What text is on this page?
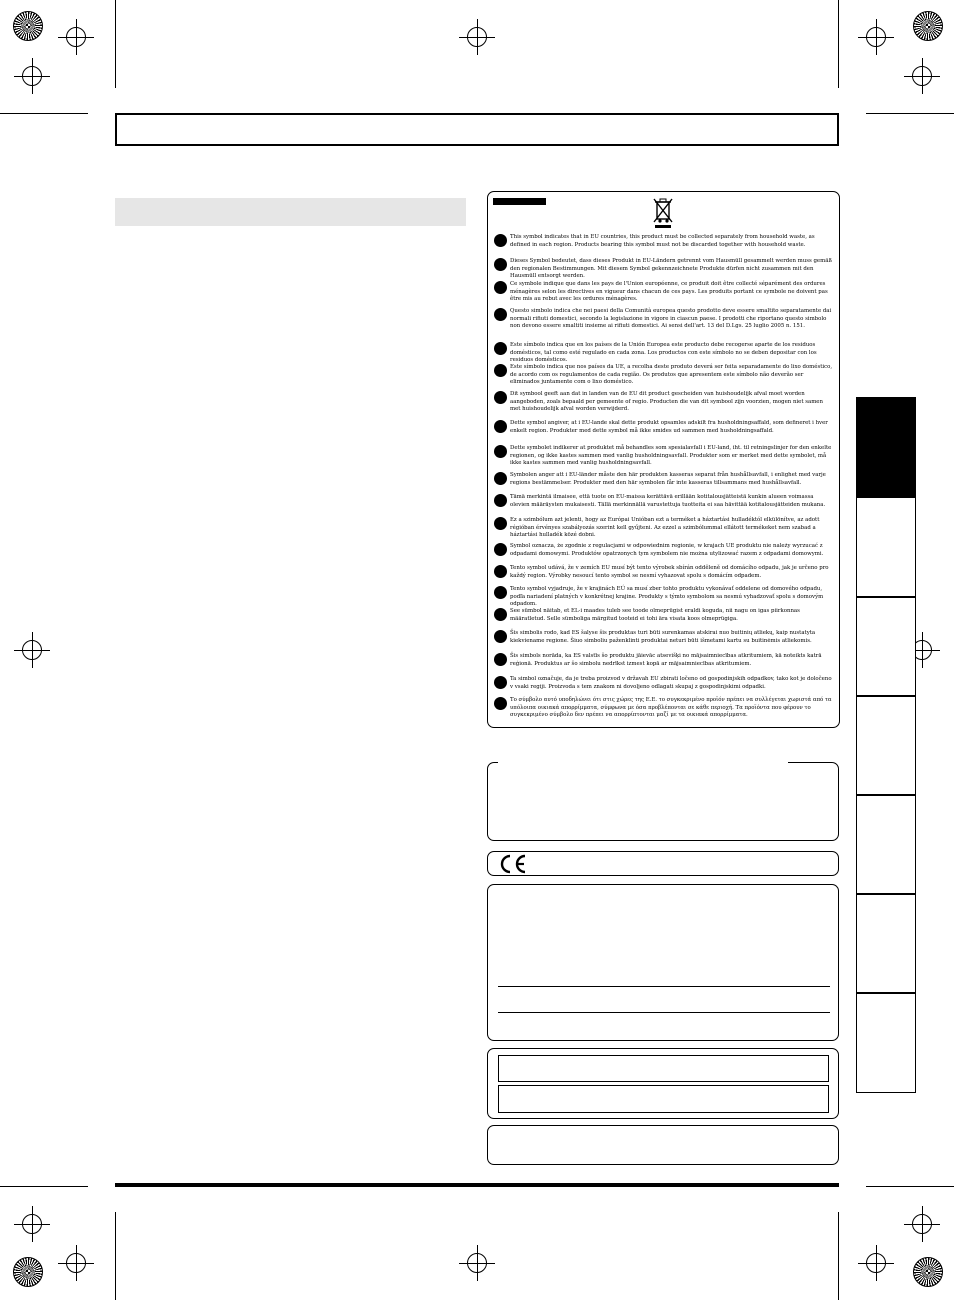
This symbol indicates that in EU countries, this product must be collected separately from household waste, as defined in each region. Products bearing this symbol must not be discarded together with household waste.
Dieses Symbol bedeutet, dass dieses Produkt in EU-Ländern getrennt vom Hausmüll gesammelt werden muss gemäß den regionalen Bestimmungen. Mit diesem Symbol gekennzeichnete Produkte dürfen nicht zusammen mit den Hausmüll entsorgt werden.
Ce symbole indique que dans les pays de l'Union européenne, ce produit doit être collecté séparément des ordures ménagères selon les directives en vigueur dans chacun de ces pays. Les produits portant ce symbole ne doivent pas être mis au rebut avec les ordures ménagères.
Questo simbolo indica che nei paesi della Comunità europea questo prodotto deve essere smaltito separatamente dai normali rifiuti domestici, secondo la legislazione in vigore in ciascun paese. I prodotti che riportano questo simbolo non devono essere smaltiti insieme ai rifiuti domestici. Ai sensi dell'art. 13 del D.Lgs. 25 luglio 2005 n. 151.
Este símbolo indica que en los países de la Unión Europea este producto debe recogerse aparte de los residuos domésticos, tal como esté regulado en cada zona. Los productos con este símbolo no se deben depositar con los residuos domésticos.
Este símbolo indica que nos países da UE, a recolha deste produto deverá ser feita separadamente do lixo doméstico, de acordo com os regulamentos de cada região. Os produtos que apresentem este símbolo não deverão ser eliminados juntamente com o lixo doméstico.
Dit symbool geeft aan dat in landen van de EU dit product gescheiden van huishoudelijk afval moet worden aangeboden, zoals bepaald per gemeente of regio. Producten die van dit symbool zijn voorzien, mogen niet samen met huishoudelijk afval worden verwijderd.
Dette symbol angiver, at i EU-lande skal dette produkt opsamles adskilt fra husholdningsaffald, som defineret i hver enkelt region. Produkter med dette symbol må ikke smides ud sammen med husholdningsaffald.
Dette symbolet indikerer at produktet må behandles som spesialavfall i EU-land, iht. til retningslinjer for den enkelte regionen, og ikke kastes sammen med vanlig husholdningsavfall. Produkter som er merket med dette symbolet, må ikke kastes sammen med vanlig husholdningsavfall.
Symbolen anger att i EU-länder måste den här produkten kasseras separat från hushållsavfall, i enlighet med varje regions bestämmelser. Produkter med den här symbolen får inte kasseras tillsammans med hushållsavfall.
Tämä merkintä ilmaisee, että tuote on EU-maissa kerättävä erillään kotitalousjätteistä kunkin alueen voimassa olevien määräysten mukaisesti. Tällä merkinnällä varustettuja tuotteita ei saa hävittää kotitalousjätteiden mukana.
Ez a szimbólum azt jelenti, hogy az Európai Unióban ezt a terméket a háztartási hulladéktól elkülönítve, az adott régióban érvényes szabályozás szerint kell gyűjteni. Az ezzel a szimbólummal ellátott termékeket nem szabad a háztartási hulladék közé dobni.
Symbol oznacza, że zgodnie z regulacjami w odpowiednim regionie, w krajach UE produktu nie należy wyrzucać z odpadami domowymi. Produktów opatrzonych tym symbolem nie można utylizować razem z odpadami domowymi.
Tento symbol udává, že v zemích EU musí být tento výrobek sbírán odděleně od domácího odpadu, jak je určeno pro každý region. Výrobky nesoucí tento symbol se nesmí vyhazovat spolu s domácím odpadem.
Tento symbol vyjadruje, že v krajinách EÚ sa musí zber tohto produktu vykonávať oddelene od domového odpadu, podľa nariadení platných v konkrétnej krajine. Produkty s týmto symbolom sa nesmú vyhadzovať spolu s domovým odpadom.
See sümbol näitab, et EL-i maades tuleb see toode olmeprügist eraldi koguda, nii nagu on igas piirkonnas määratletud. Selle sümboliga märgitud tooteid ei tohi ära visata koos olmeprügiga.
Šis simbolis rodo, kad ES šalyse šis produktas turi būti surenkamas atskirai nuo buitinių atliekų, kaip nustatyta kiekviename regione. Šiuo simboliu paženklinti produktai neturi būti išmetami kartu su buitinėmis atliekomis.
Šis simbols norāda, ka ES valstīs šo produktu jāievāc atsevišķi no mājsaimniecības atkritumiem, kā noteikts katrā reģionā. Produktus ar šo simbolu nedrīkst izmest kopā ar mājsaimniecības atkritumiem.
Ta simbol označuje, da je treba proizvod v državah EU zbirati ločeno od gospodinjskih odpadkov, tako kot je določeno v vsaki regiji. Proizvoda s tem znakom ni dovoljeno odlagati skupaj z gospodinjskimi odpadki.
Το σύμβολο αυτό υποδηλώνει ότι στις χώρες της Ε.Ε. το συγκεκριμένο προϊόν πρέπει να συλλέγεται χωριστά από τα υπόλοιπα οικιακά απορρίμματα, σύμφωνα με όσα προβλέπονται σε κάθε περιοχή. Τα προϊόντα που φέρουν το συγκεκριμένο σύμβολο δεν πρέπει να απορρίπτονται μαζί με τα οικιακά απορρίμματα.
